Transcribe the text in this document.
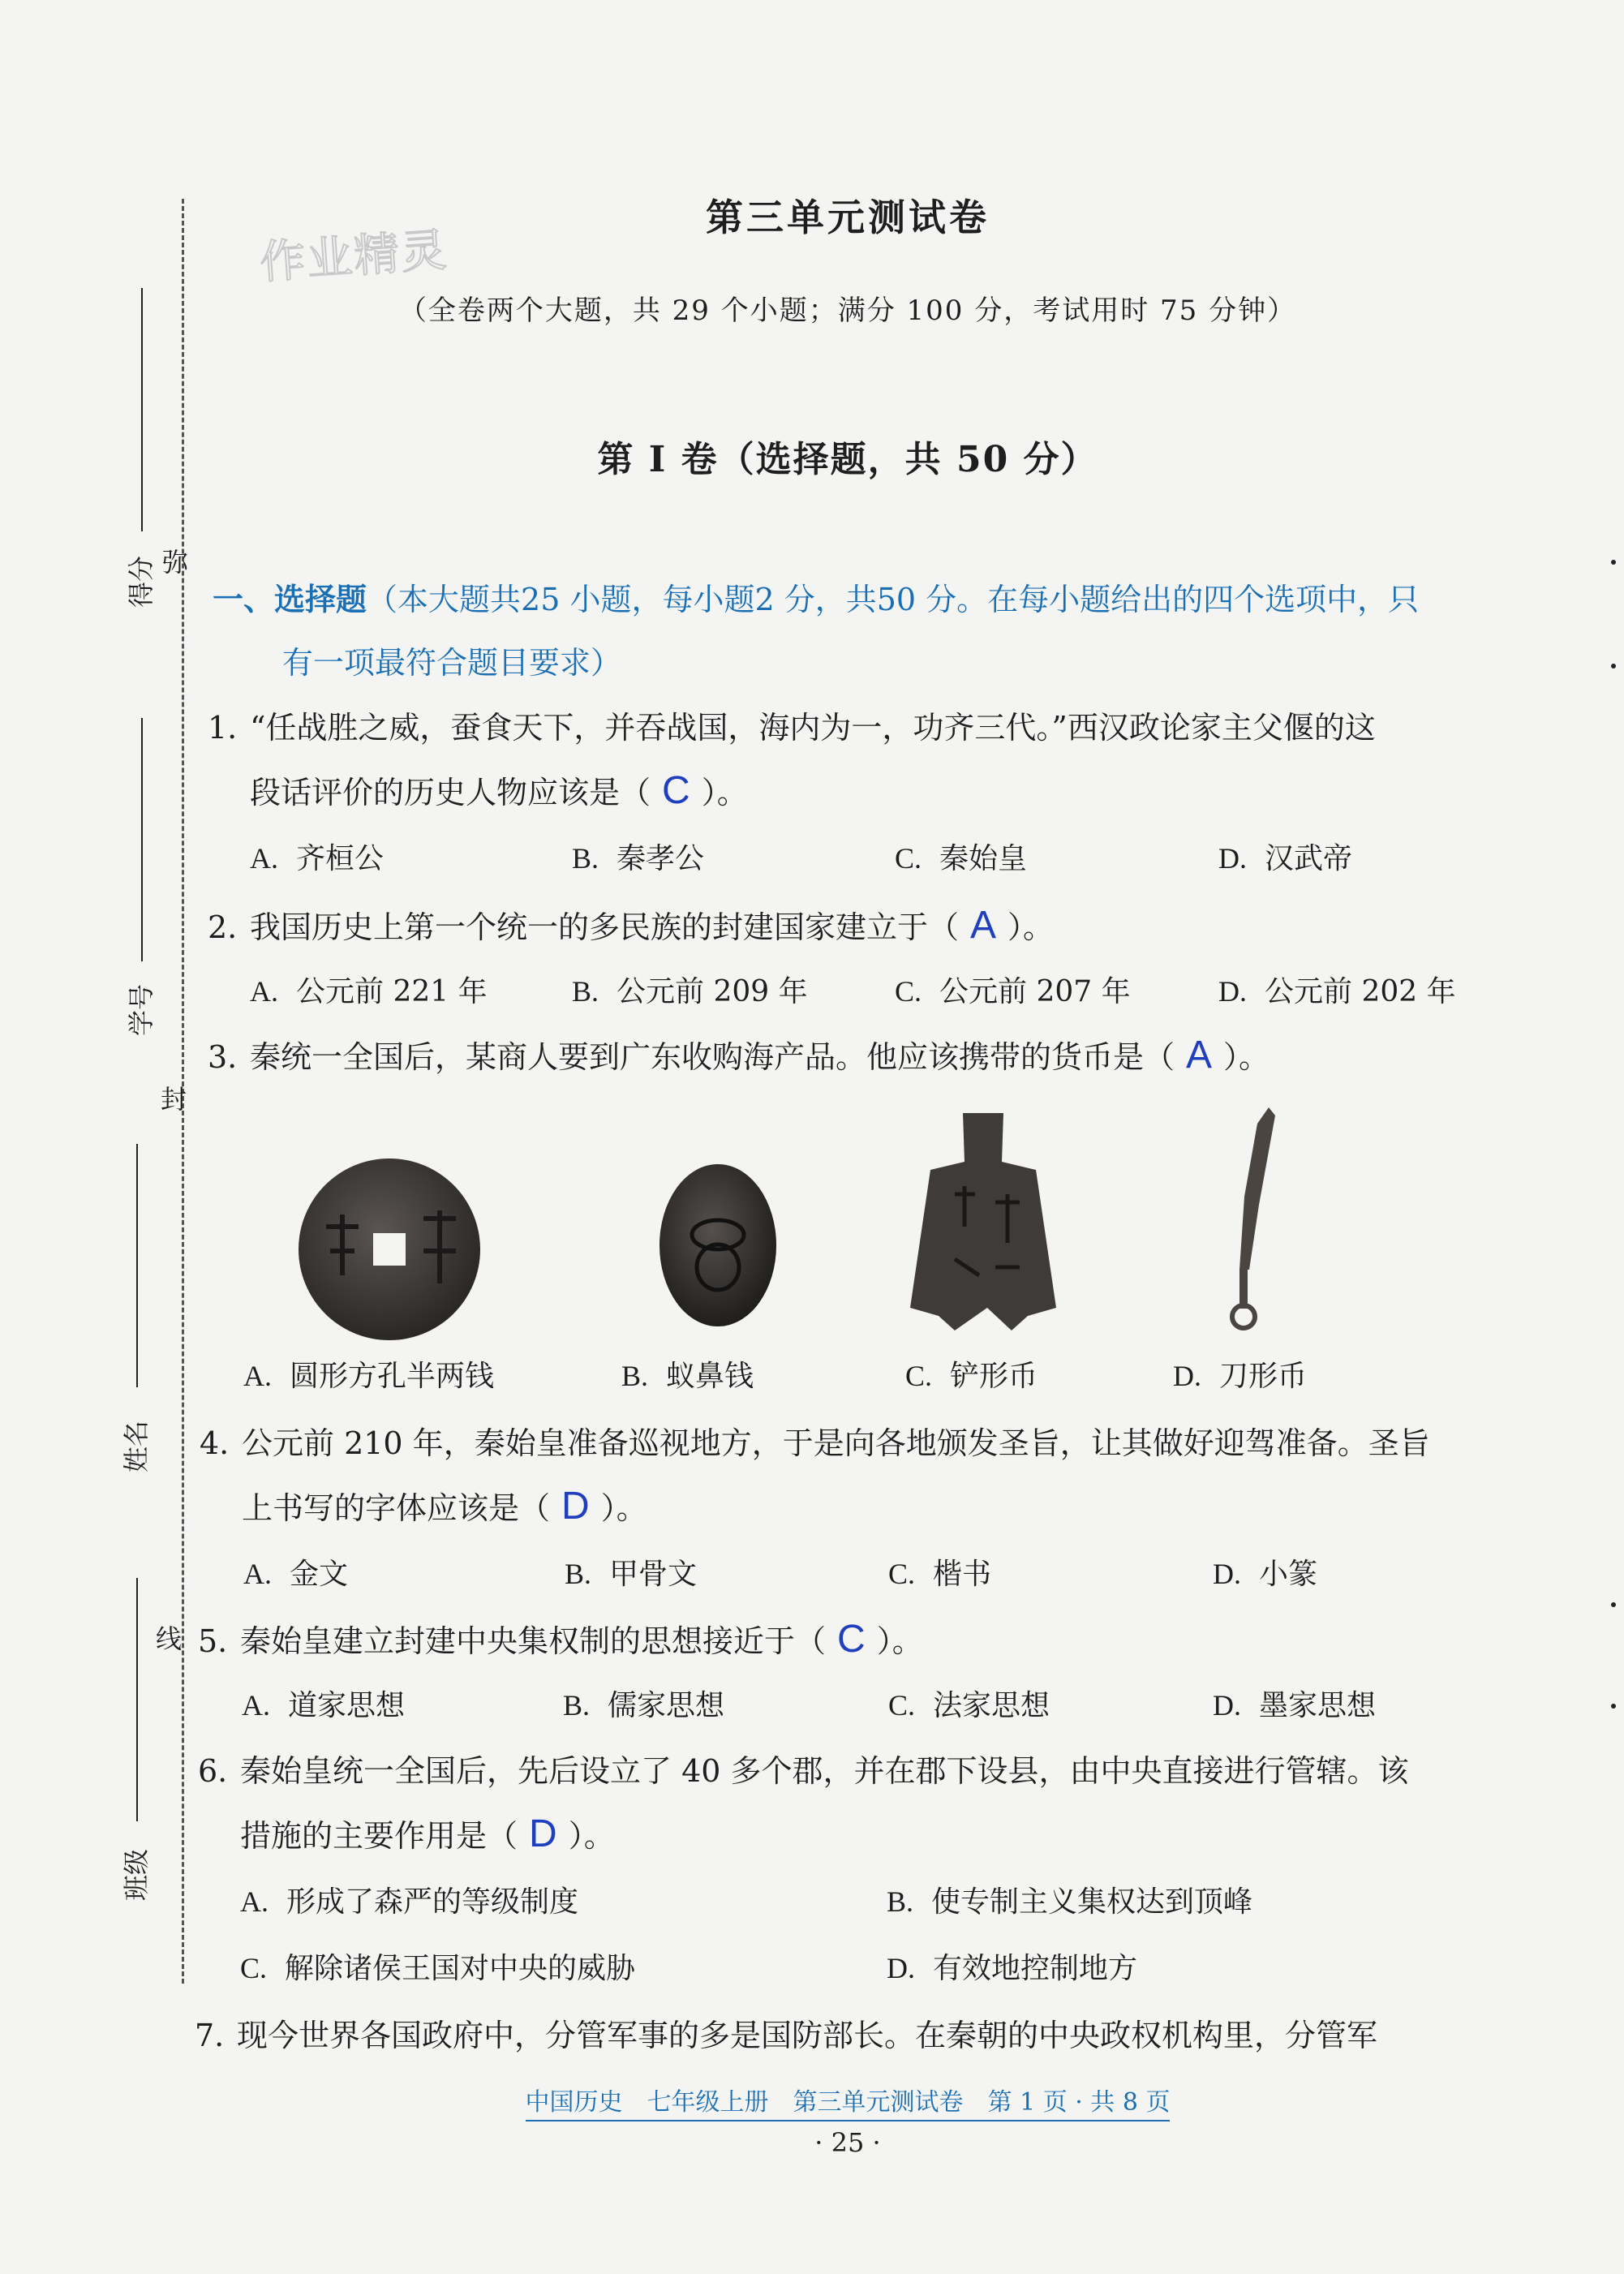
作业精灵
弥
封
线
得分
学号
姓名
班级
第三单元测试卷
（全卷两个大题，共 29 个小题；满分 100 分，考试用时 75 分钟）
第 Ⅰ 卷（选择题，共 50 分）
一、选择题（本大题共25 小题，每小题2 分，共50 分。在每小题给出的四个选项中，只
有一项最符合题目要求）
1. “任战胜之威，蚕食天下，并吞战国，海内为一，功齐三代。”西汉政论家主父偃的这
段话评价的历史人物应该是（ C ）。
A. 齐桓公	B. 秦孝公	C. 秦始皇	D. 汉武帝
2. 我国历史上第一个统一的多民族的封建国家建立于（ A ）。
A. 公元前 221 年	B. 公元前 209 年	C. 公元前 207 年	D. 公元前 202 年
3. 秦统一全国后，某商人要到广东收购海产品。他应该携带的货币是（ A ）。
A. 圆形方孔半两钱	B. 蚁鼻钱	C. 铲形币	D. 刀形币
4. 公元前 210 年，秦始皇准备巡视地方，于是向各地颁发圣旨，让其做好迎驾准备。圣旨
上书写的字体应该是（ D ）。
A. 金文	B. 甲骨文	C. 楷书	D. 小篆
5. 秦始皇建立封建中央集权制的思想接近于（ C ）。
A. 道家思想	B. 儒家思想	C. 法家思想	D. 墨家思想
6. 秦始皇统一全国后，先后设立了 40 多个郡，并在郡下设县，由中央直接进行管辖。该
措施的主要作用是（ D ）。
A. 形成了森严的等级制度	B. 使专制主义集权达到顶峰
C. 解除诸侯王国对中央的威胁	D. 有效地控制地方
7. 现今世界各国政府中，分管军事的多是国防部长。在秦朝的中央政权机构里，分管军
中国历史　七年级上册　第三单元测试卷　第 1 页 · 共 8 页
· 25 ·
